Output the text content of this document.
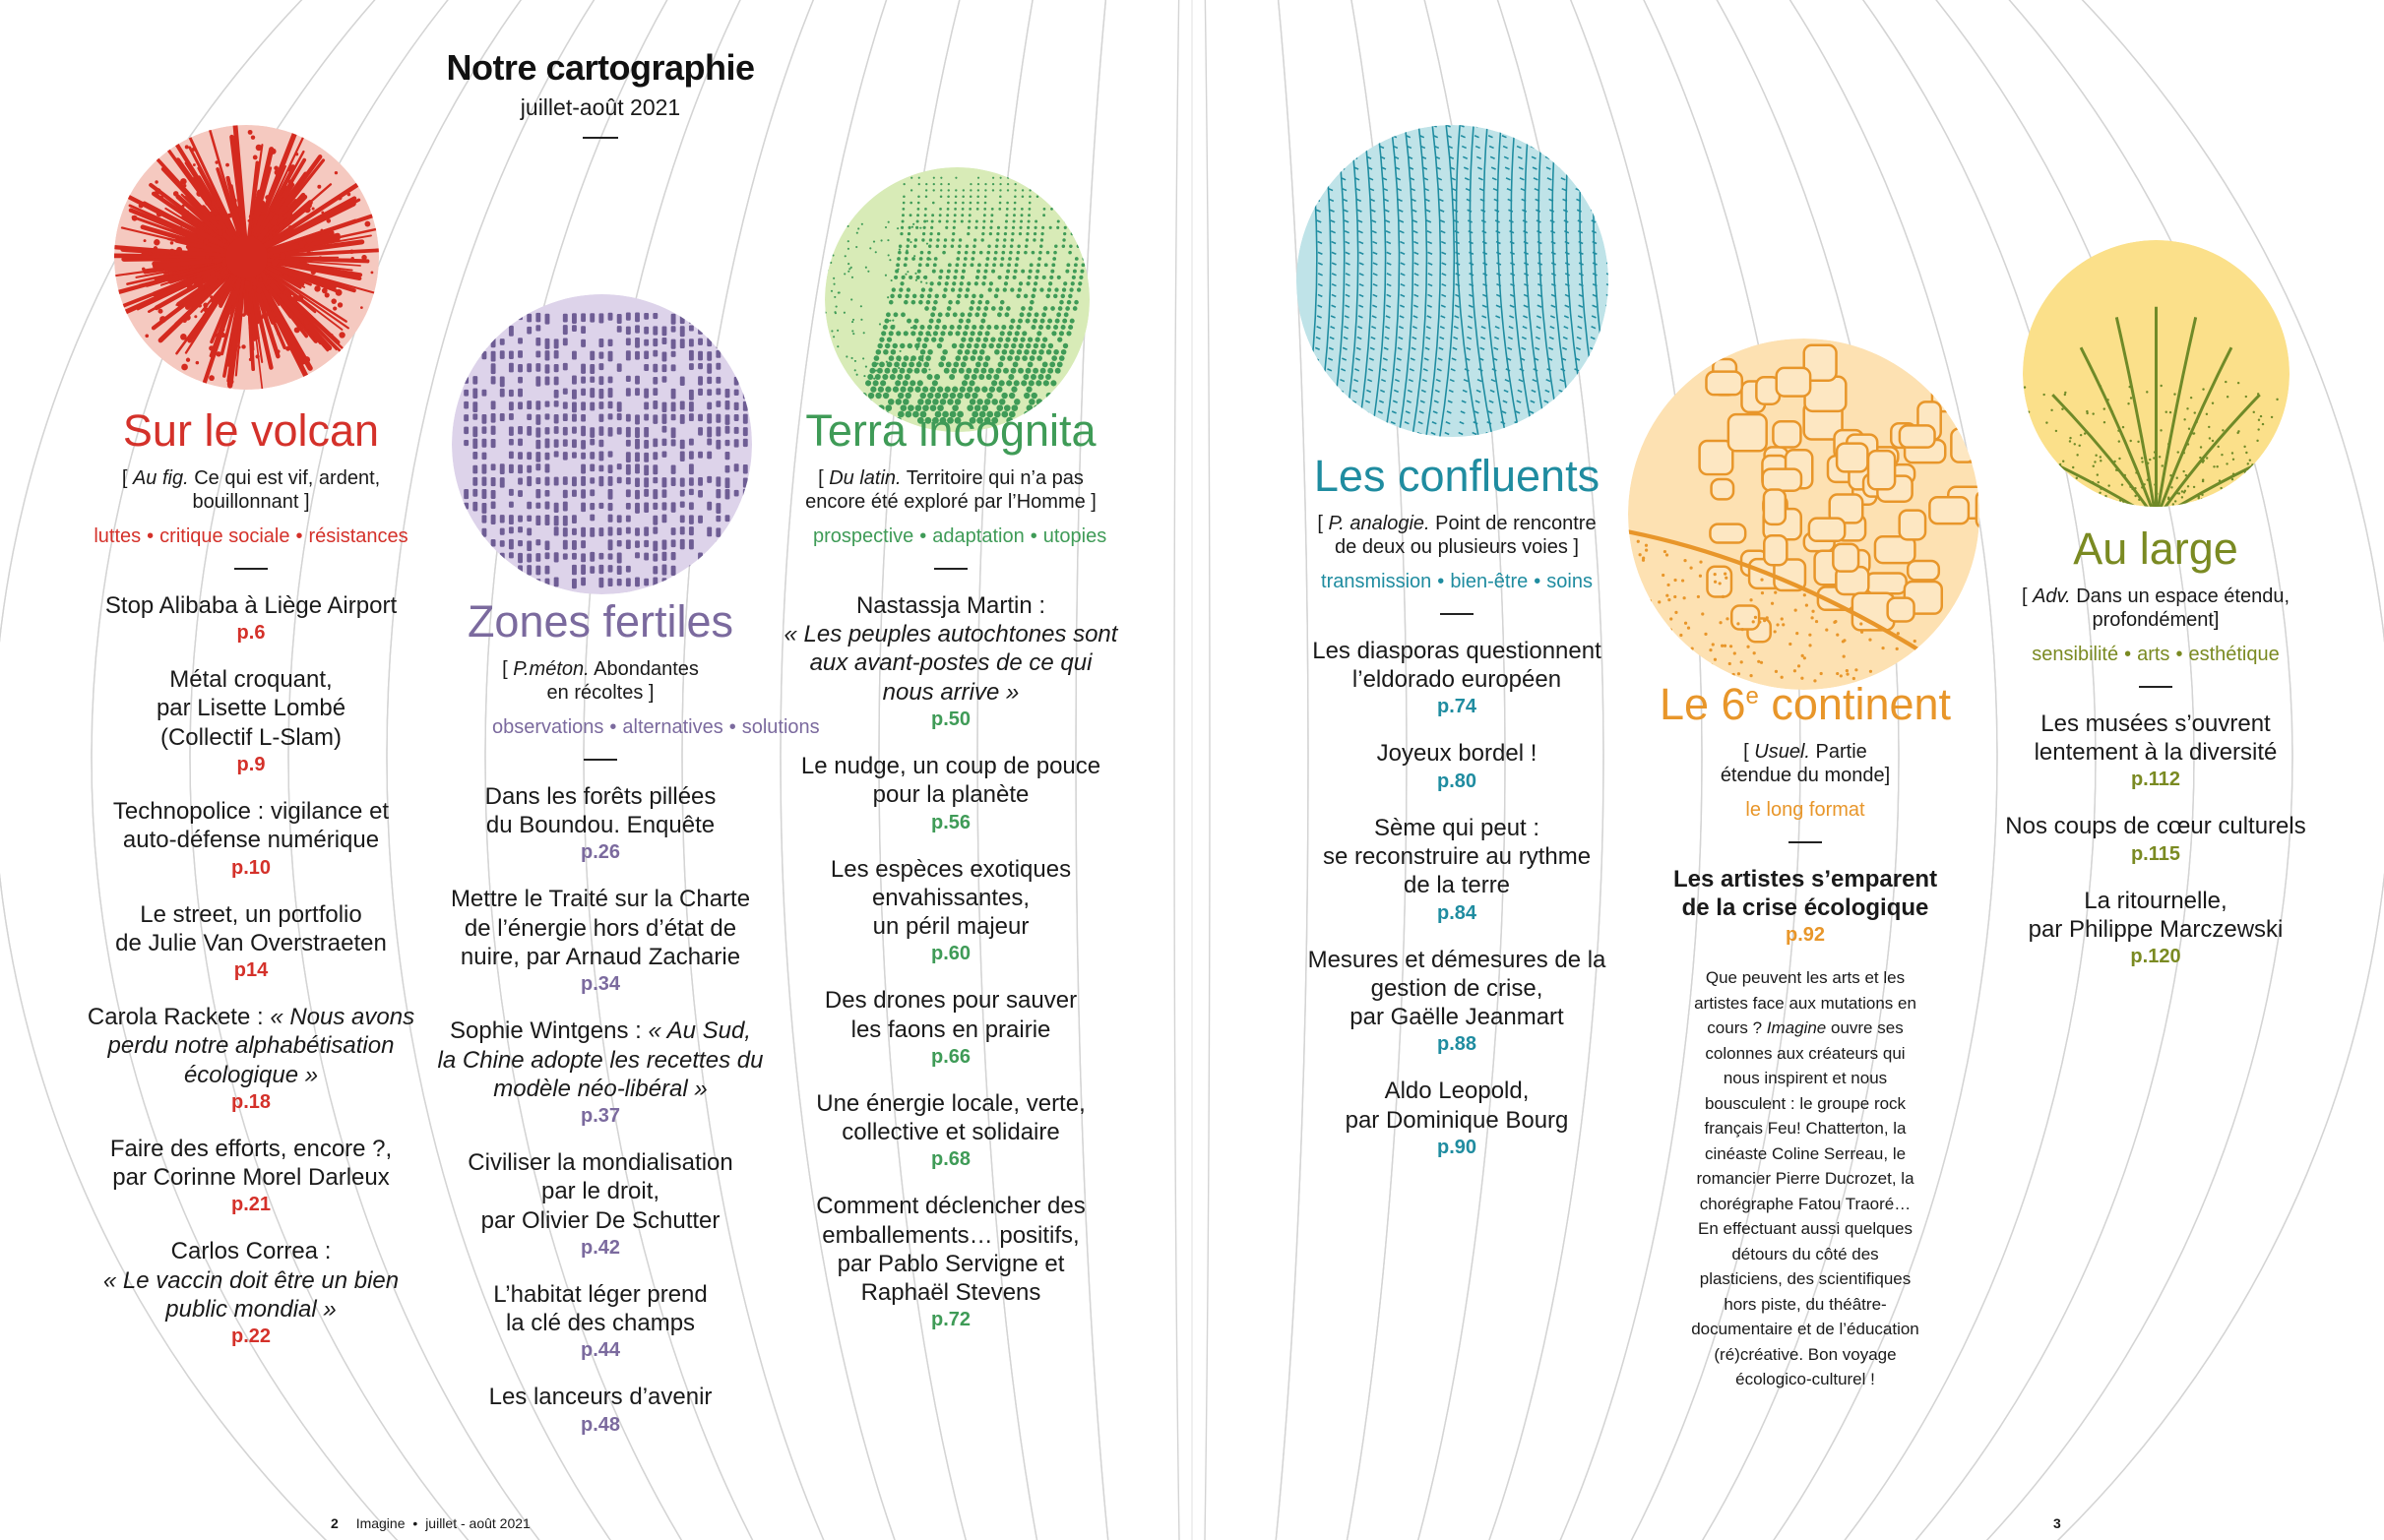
Notre cartographie
juillet-août 2021
Sur le volcan
[ Au fig. Ce qui est vif, ardent, bouillonnant ]
luttes • critique sociale • résistances
Stop Alibaba à Liège Airport
p.6
Métal croquant,
par Lisette Lombé
(Collectif L-Slam)
p.9
Technopolice : vigilance et
auto-défense numérique
p.10
Le street, un portfolio
de Julie Van Overstraeten
p14
Carola Rackete : « Nous avons
perdu notre alphabétisation
écologique »
p.18
Faire des efforts, encore ?,
par Corinne Morel Darleux
p.21
Carlos Correa :
« Le vaccin doit être un bien
public mondial »
p.22
Zones fertiles
[ P.méton. Abondantes en récoltes ]
observations • alternatives • solutions
Dans les forêts pillées
du Boundou. Enquête
p.26
Mettre le Traité sur la Charte
de l’énergie hors d’état de
nuire, par Arnaud Zacharie
p.34
Sophie Wintgens : « Au Sud,
la Chine adopte les recettes du
modèle néo-libéral »
p.37
Civiliser la mondialisation
par le droit,
par Olivier De Schutter
p.42
L’habitat léger prend
la clé des champs
p.44
Les lanceurs d’avenir
p.48
Terra incognita
[ Du latin. Territoire qui n’a pas encore été exploré par l’Homme ]
prospective • adaptation • utopies
Nastassja Martin :
« Les peuples autochtones sont
aux avant-postes de ce qui
nous arrive »
p.50
Le nudge, un coup de pouce
pour la planète
p.56
Les espèces exotiques
envahissantes,
un péril majeur
p.60
Des drones pour sauver
les faons en prairie
p.66
Une énergie locale, verte,
collective et solidaire
p.68
Comment déclencher des
emballements… positifs,
par Pablo Servigne et
Raphaël Stevens
p.72
Les confluents
[ P. analogie. Point de rencontre de deux ou plusieurs voies ]
transmission • bien-être • soins
Les diasporas questionnent
l’eldorado européen
p.74
Joyeux bordel !
p.80
Sème qui peut :
se reconstruire au rythme
de la terre
p.84
Mesures et démesures de la
gestion de crise,
par Gaëlle Jeanmart
p.88
Aldo Leopold,
par Dominique Bourg
p.90
Le 6e continent
[ Usuel. Partie étendue du monde]
le long format
Les artistes s’emparent
de la crise écologique
p.92
Que peuvent les arts et les artistes face aux mutations en cours ? Imagine ouvre ses colonnes aux créateurs qui nous inspirent et nous bousculent : le groupe rock français Feu! Chatterton, la cinéaste Coline Serreau, le romancier Pierre Ducrozet, la chorégraphe Fatou Traoré… En effectuant aussi quelques détours du côté des plasticiens, des scientifiques hors piste, du théâtre-documentaire et de l’éducation (ré)créative. Bon voyage écologico-culturel !
Au large
[ Adv. Dans un espace étendu, profondément]
sensibilité • arts • esthétique
Les musées s’ouvrent
lentement à la diversité
p.112
Nos coups de cœur culturels
p.115
La ritournelle,
par Philippe Marczewski
p.120
2 Imagine • juillet - août 2021	3
